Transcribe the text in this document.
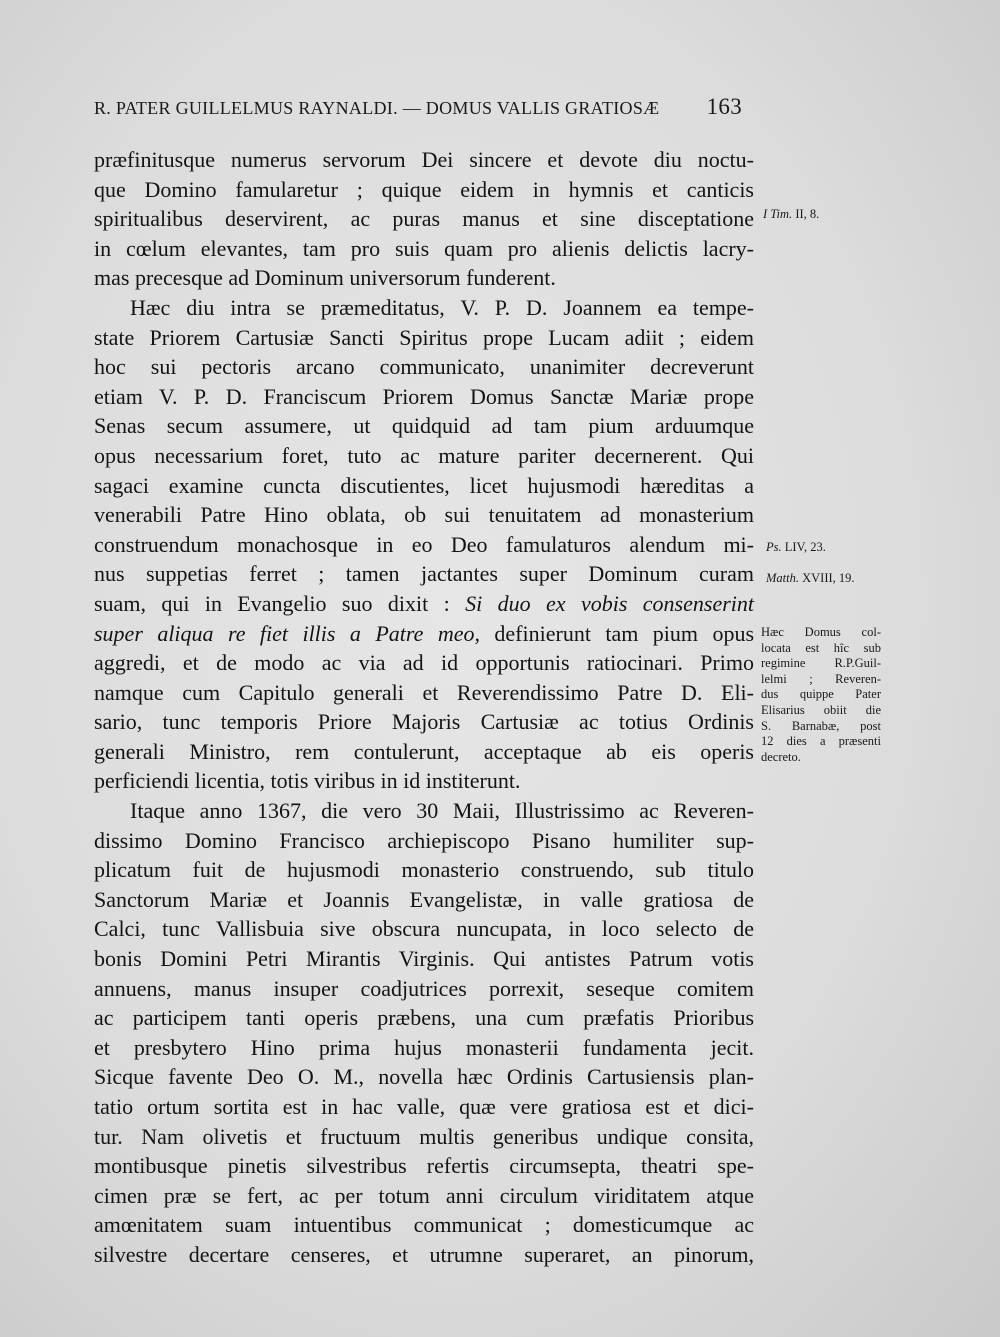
R. PATER GUILLELMUS RAYNALDI. — DOMUS VALLIS GRATIOSÆ 163
præfinitusque numerus servorum Dei sincere et devote diu noctu-
que Domino famularetur ; quique eidem in hymnis et canticis
spiritualibus deservirent, ac puras manus et sine disceptatione
in cœlum elevantes, tam pro suis quam pro alienis delictis lacry-
mas precesque ad Dominum universorum funderent.
Hæc diu intra se præmeditatus, V. P. D. Joannem ea tempe-
state Priorem Cartusiæ Sancti Spiritus prope Lucam adiit ; eidem
hoc sui pectoris arcano communicato, unanimiter decreverunt
etiam V. P. D. Franciscum Priorem Domus Sanctæ Mariæ prope
Senas secum assumere, ut quidquid ad tam pium arduumque
opus necessarium foret, tuto ac mature pariter decernerent. Qui
sagaci examine cuncta discutientes, licet hujusmodi hæreditas a
venerabili Patre Hino oblata, ob sui tenuitatem ad monasterium
construendum monachosque in eo Deo famulaturos alendum mi-
nus suppetias ferret ; tamen jactantes super Dominum curam
suam, qui in Evangelio suo dixit : Si duo ex vobis consenserint
super aliqua re fiet illis a Patre meo, definierunt tam pium opus
aggredi, et de modo ac via ad id opportunis ratiocinari. Primo
namque cum Capitulo generali et Reverendissimo Patre D. Eli-
sario, tunc temporis Priore Majoris Cartusiæ ac totius Ordinis
generali Ministro, rem contulerunt, acceptaque ab eis operis
perficiendi licentia, totis viribus in id institerunt.
Itaque anno 1367, die vero 30 Maii, Illustrissimo ac Reveren-
dissimo Domino Francisco archiepiscopo Pisano humiliter sup-
plicatum fuit de hujusmodi monasterio construendo, sub titulo
Sanctorum Mariæ et Joannis Evangelistæ, in valle gratiosa de
Calci, tunc Vallisbuia sive obscura nuncupata, in loco selecto de
bonis Domini Petri Mirantis Virginis. Qui antistes Patrum votis
annuens, manus insuper coadjutrices porrexit, seseque comitem
ac participem tanti operis præbens, una cum præfatis Prioribus
et presbytero Hino prima hujus monasterii fundamenta jecit.
Sicque favente Deo O. M., novella hæc Ordinis Cartusiensis plan-
tatio ortum sortita est in hac valle, quæ vere gratiosa est et dici-
tur. Nam olivetis et fructuum multis generibus undique consita,
montibusque pinetis silvestribus refertis circumsepta, theatri spe-
cimen præ se fert, ac per totum anni circulum viriditatem atque
amœnitatem suam intuentibus communicat ; domesticumque ac
silvestre decertare censeres, et utrumne superaret, an pinorum,
I Tim. II, 8.
Ps. LIV, 23.
Matth. XVIII, 19.
Hæc Domus col-
locata est hîc sub
regimine R.P.Guil-
lelmi ; Reveren-
dus quippe Pater
Elisarius obiit die
S. Barnabæ, post
12 dies a præsenti
decreto.
